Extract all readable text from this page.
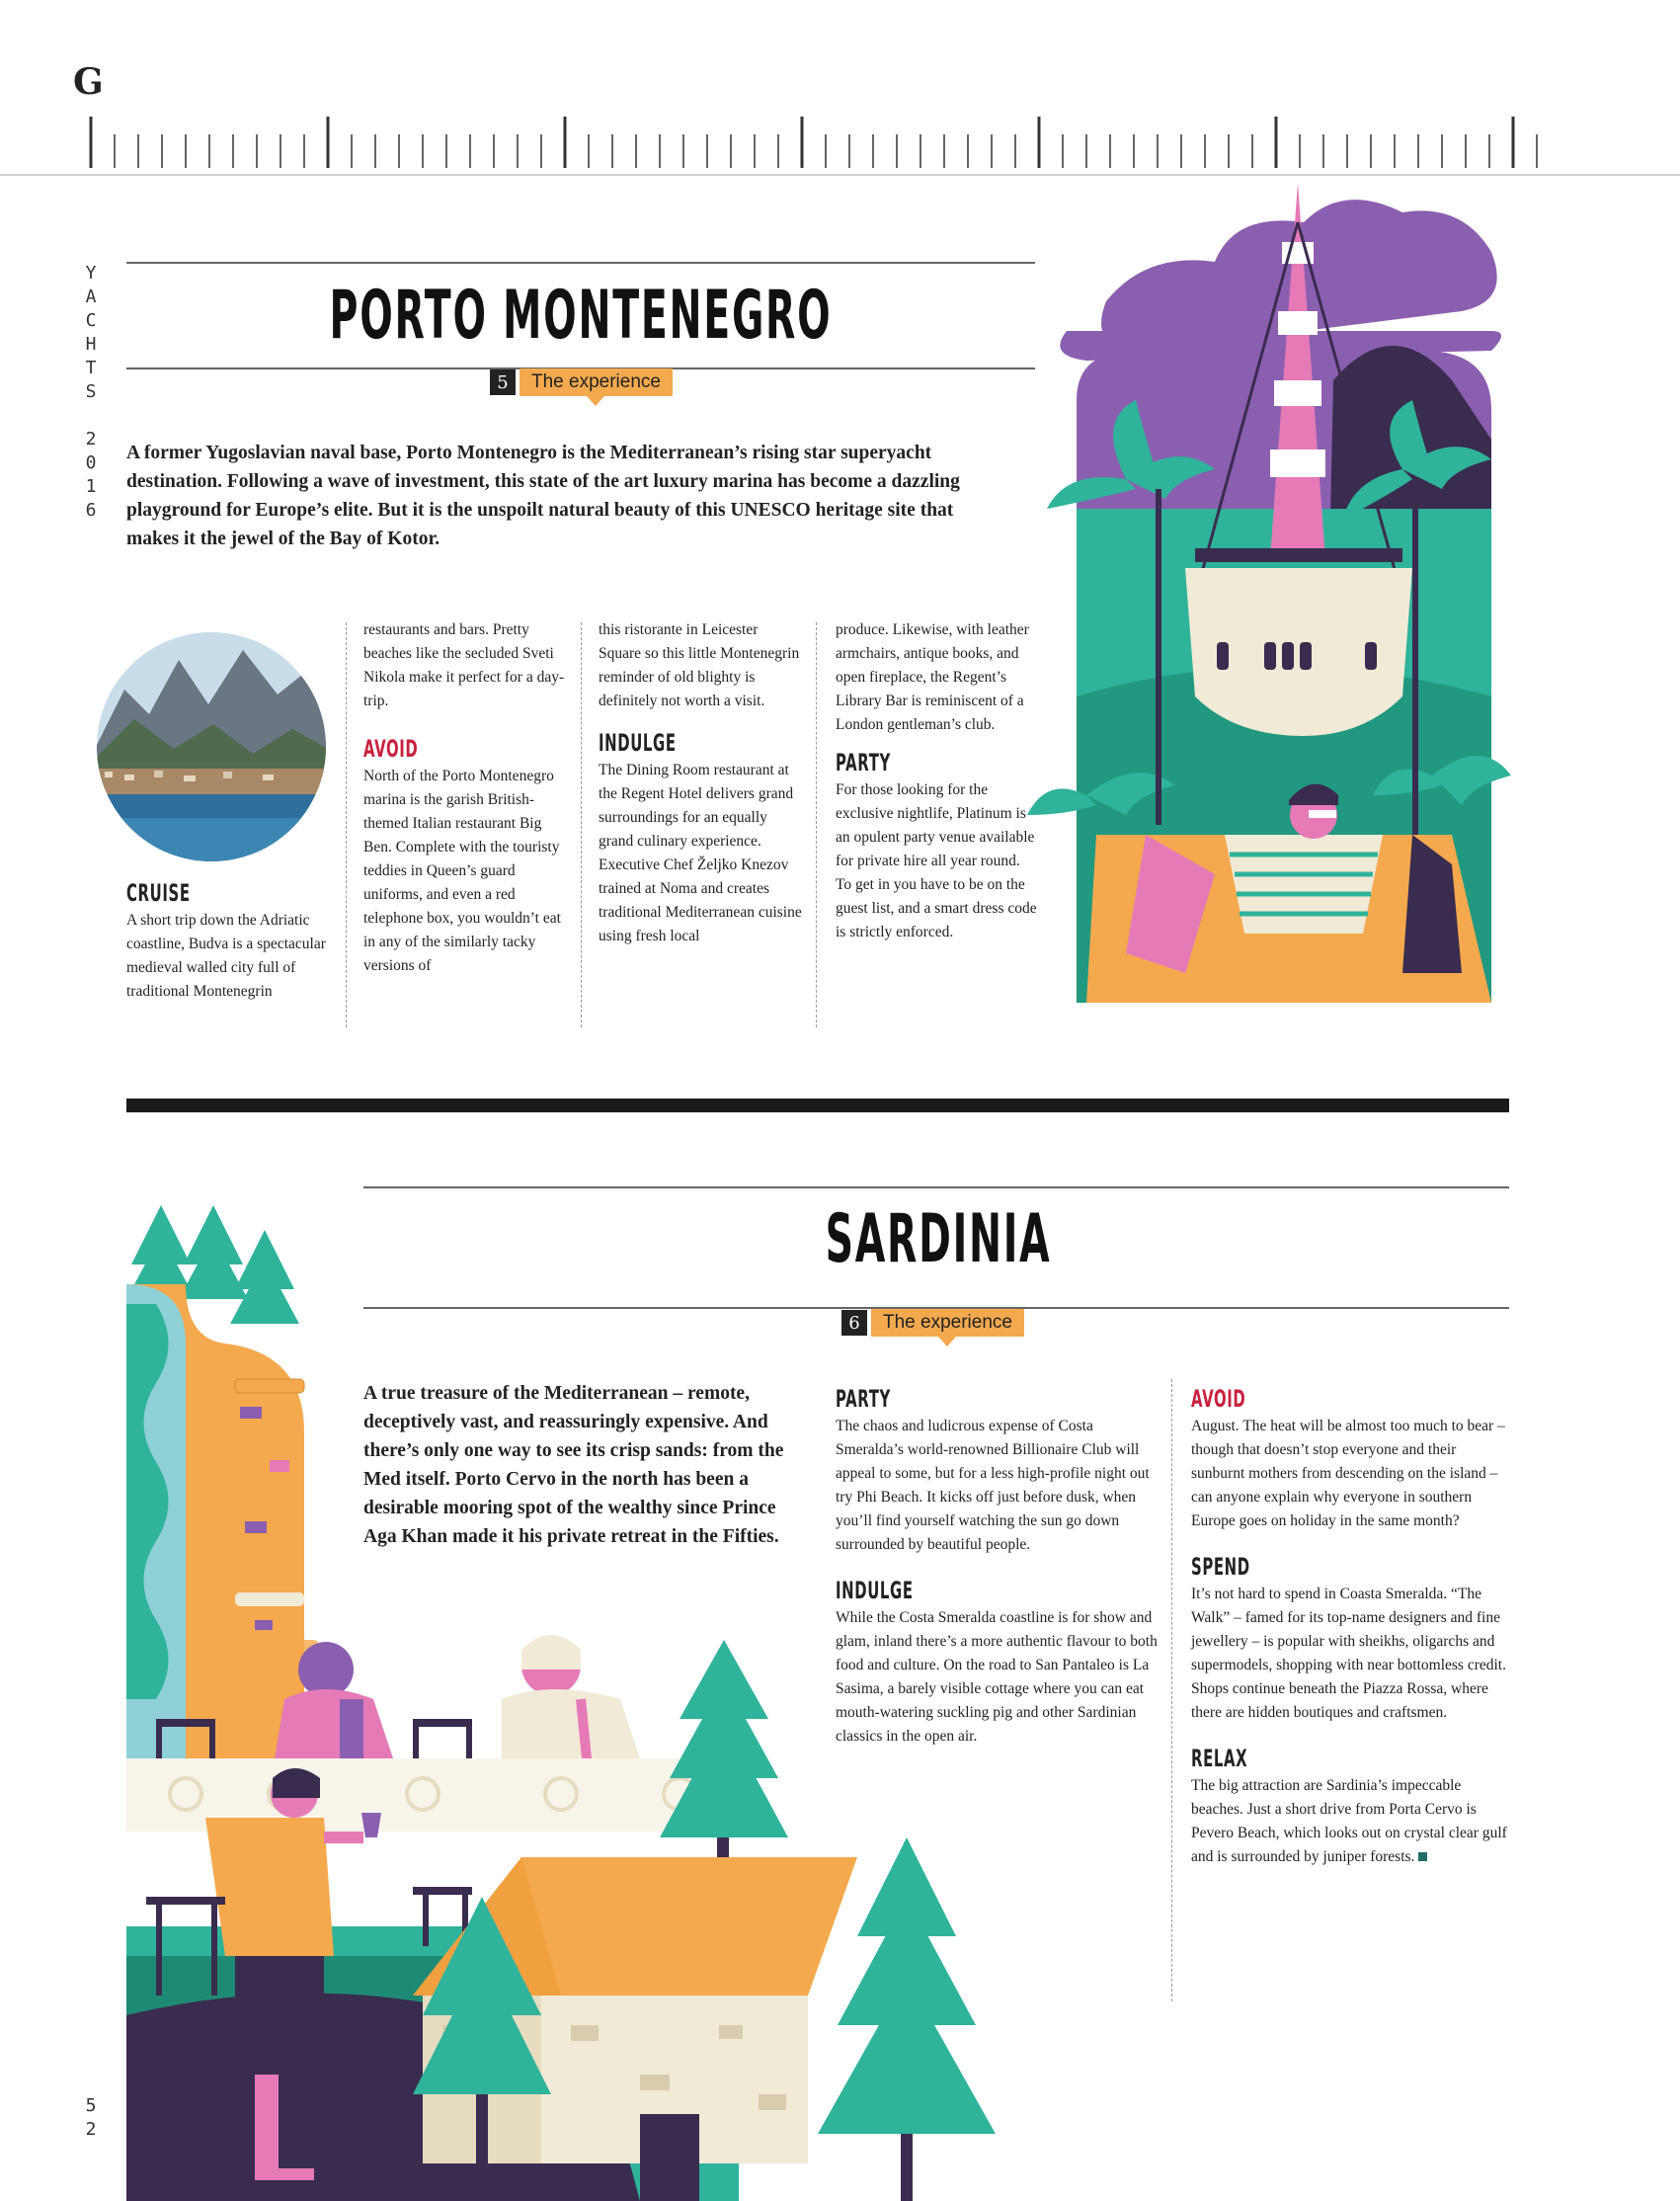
G
Y
A
C
H
T
S

2
0
1
6
PORTO MONTENEGRO
5	The experience
A former Yugoslavian naval base, Porto Montenegro is the Mediterranean’s rising star superyacht destination. Following a wave of investment, this state of the art luxury marina has become a dazzling playground for Europe’s elite. But it is the unspoilt natural beauty of this UNESCO heritage site that makes it the jewel of the Bay of Kotor.
CRUISE

A short trip down the Adriatic coastline, Budva is a spectacular medieval walled city full of traditional Montenegrin

restaurants and bars. Pretty beaches like the secluded Sveti Nikola make it perfect for a day-trip.

AVOID

North of the Porto Montenegro marina is the garish British-themed Italian restaurant Big Ben. Complete with the touristy teddies in Queen’s guard uniforms, and even a red telephone box, you wouldn’t eat in any of the similarly tacky versions of

this ristorante in Leicester Square so this little Montenegrin reminder of old blighty is definitely not worth a visit.

INDULGE

The Dining Room restaurant at the Regent Hotel delivers grand surroundings for an equally grand culinary experience. Executive Chef Željko Knezov trained at Noma and creates traditional Mediterranean cuisine using fresh local

produce. Likewise, with leather armchairs, antique books, and open fireplace, the Regent’s Library Bar is reminiscent of a London gentleman’s club.

PARTY

For those looking for the exclusive nightlife, Platinum is an opulent party venue available for private hire all year round. To get in you have to be on the guest list, and a smart dress code is strictly enforced.

SARDINIA
6	The experience
A true treasure of the Mediterranean – remote, deceptively vast, and reassuringly expensive. And there’s only one way to see its crisp sands: from the Med itself. Porto Cervo in the north has been a desirable mooring spot of the wealthy since Prince Aga Khan made it his private retreat in the Fifties.
PARTY

The chaos and ludicrous expense of Costa Smeralda’s world-renowned Billionaire Club will appeal to some, but for a less high-profile night out try Phi Beach. It kicks off just before dusk, when you’ll find yourself watching the sun go down surrounded by beautiful people.

INDULGE

While the Costa Smeralda coastline is for show and glam, inland there’s a more authentic flavour to both food and culture. On the road to San Pantaleo is La Sasima, a barely visible cottage where you can eat mouth-watering suckling pig and other Sardinian classics in the open air.

AVOID

August. The heat will be almost too much to bear – though that doesn’t stop everyone and their sunburnt mothers from descending on the island – can anyone explain why everyone in southern Europe goes on holiday in the same month?

SPEND

It’s not hard to spend in Coasta Smeralda. “The Walk” – famed for its top-name designers and fine jewellery – is popular with sheikhs, oligarchs and supermodels, shopping with near bottomless credit. Shops continue beneath the Piazza Rossa, where there are hidden boutiques and craftsmen.

RELAX

The big attraction are Sardinia’s impeccable beaches. Just a short drive from Porta Cervo is Pevero Beach, which looks out on crystal clear gulf and is surrounded by juniper forests.

5
2
